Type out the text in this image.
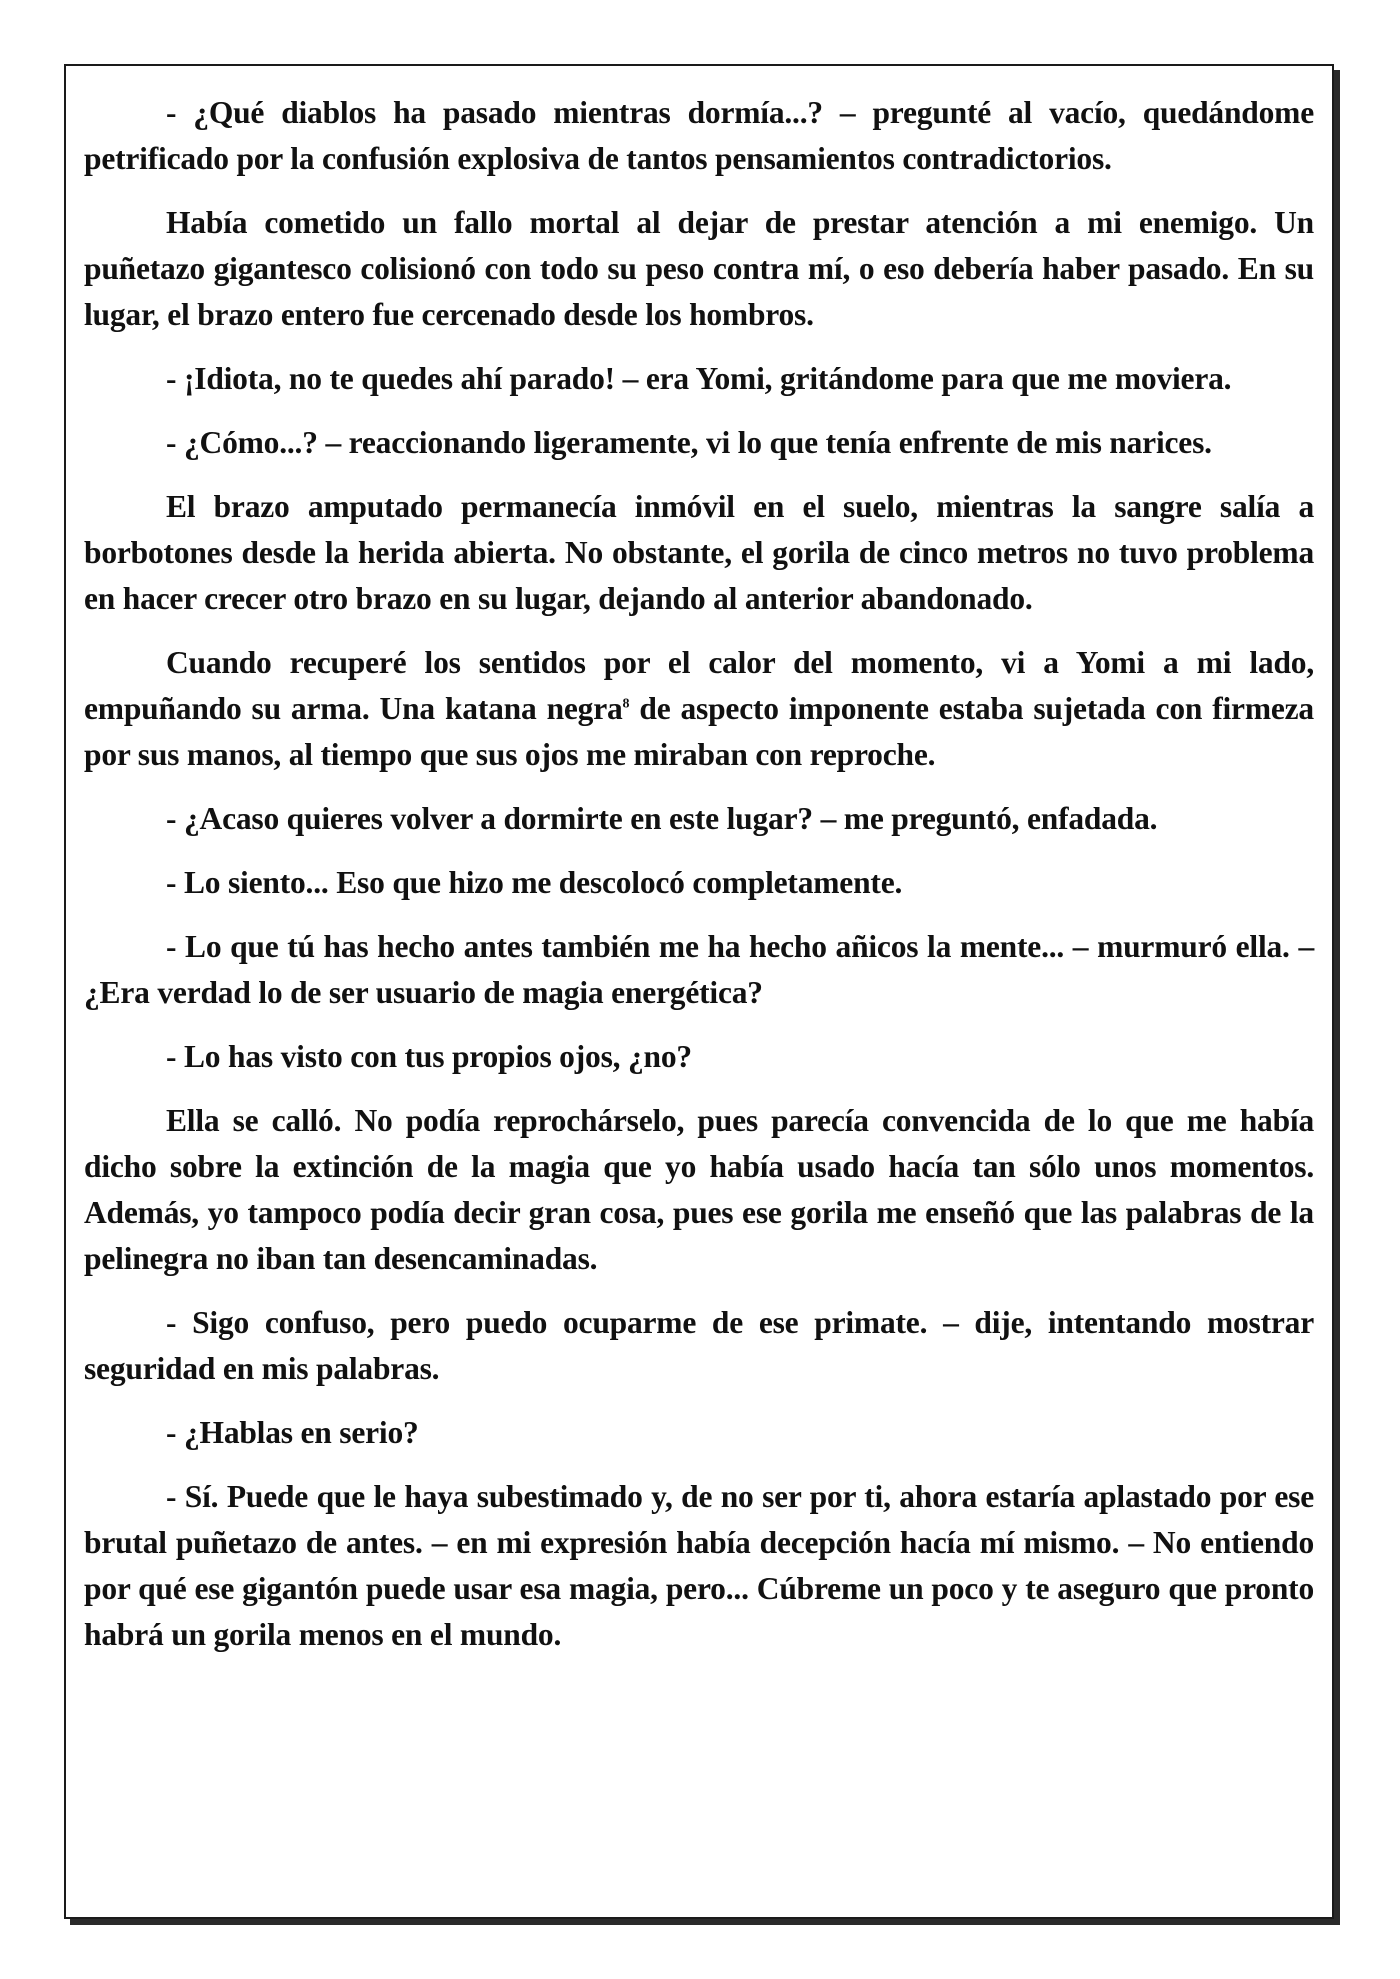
- ¿Qué diablos ha pasado mientras dormía...? – pregunté al vacío, quedándome petrificado por la confusión explosiva de tantos pensamientos contradictorios.

Había cometido un fallo mortal al dejar de prestar atención a mi enemigo. Un puñetazo gigantesco colisionó con todo su peso contra mí, o eso debería haber pasado. En su lugar, el brazo entero fue cercenado desde los hombros.

- ¡Idiota, no te quedes ahí parado! – era Yomi, gritándome para que me moviera.

- ¿Cómo...? – reaccionando ligeramente, vi lo que tenía enfrente de mis narices.

El brazo amputado permanecía inmóvil en el suelo, mientras la sangre salía a borbotones desde la herida abierta. No obstante, el gorila de cinco metros no tuvo problema en hacer crecer otro brazo en su lugar, dejando al anterior abandonado.

Cuando recuperé los sentidos por el calor del momento, vi a Yomi a mi lado, empuñando su arma. Una katana negra$^8$ de aspecto imponente estaba sujetada con firmeza por sus manos, al tiempo que sus ojos me miraban con reproche.

- ¿Acaso quieres volver a dormirte en este lugar? – me preguntó, enfadada.

- Lo siento... Eso que hizo me descolocó completamente.

- Lo que tú has hecho antes también me ha hecho añicos la mente... – murmuró ella. – ¿Era verdad lo de ser usuario de magia energética?

- Lo has visto con tus propios ojos, ¿no?

Ella se calló. No podía reprochárselo, pues parecía convencida de lo que me había dicho sobre la extinción de la magia que yo había usado hacía tan sólo unos momentos. Además, yo tampoco podía decir gran cosa, pues ese gorila me enseñó que las palabras de la pelinegra no iban tan desencaminadas.

- Sigo confuso, pero puedo ocuparme de ese primate. – dije, intentando mostrar seguridad en mis palabras.

- ¿Hablas en serio?

- Sí. Puede que le haya subestimado y, de no ser por ti, ahora estaría aplastado por ese brutal puñetazo de antes. – en mi expresión había decepción hacía mí mismo. – No entiendo por qué ese gigantón puede usar esa magia, pero... Cúbreme un poco y te aseguro que pronto habrá un gorila menos en el mundo.
